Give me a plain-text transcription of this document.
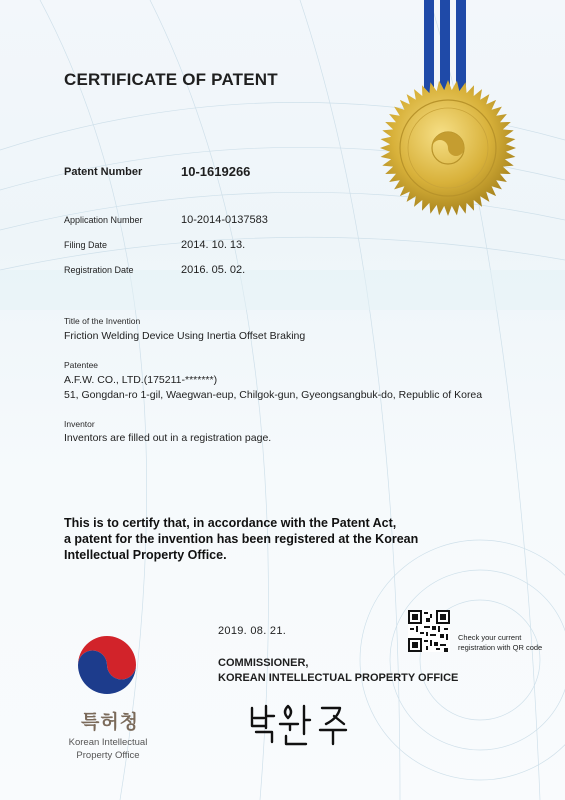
CERTIFICATE OF PATENT
Patent Number	10-1619266
Application Number	10-2014-0137583
Filing Date	2014. 10. 13.
Registration Date	2016. 05. 02.
Title of the Invention
Friction Welding Device Using Inertia Offset Braking
Patentee
A.F.W. CO., LTD.(175211-*******)
51, Gongdan-ro 1-gil, Waegwan-eup, Chilgok-gun, Gyeongsangbuk-do, Republic of Korea
Inventor
Inventors are filled out in a registration page.
This is to certify that, in accordance with the Patent Act,
a patent for the invention has been registered at the Korean
Intellectual Property Office.
2019. 08. 21.
Check your current
registration with QR code
COMMISSIONER,
KOREAN INTELLECTUAL PROPERTY OFFICE
특허청
Korean Intellectual
Property Office
